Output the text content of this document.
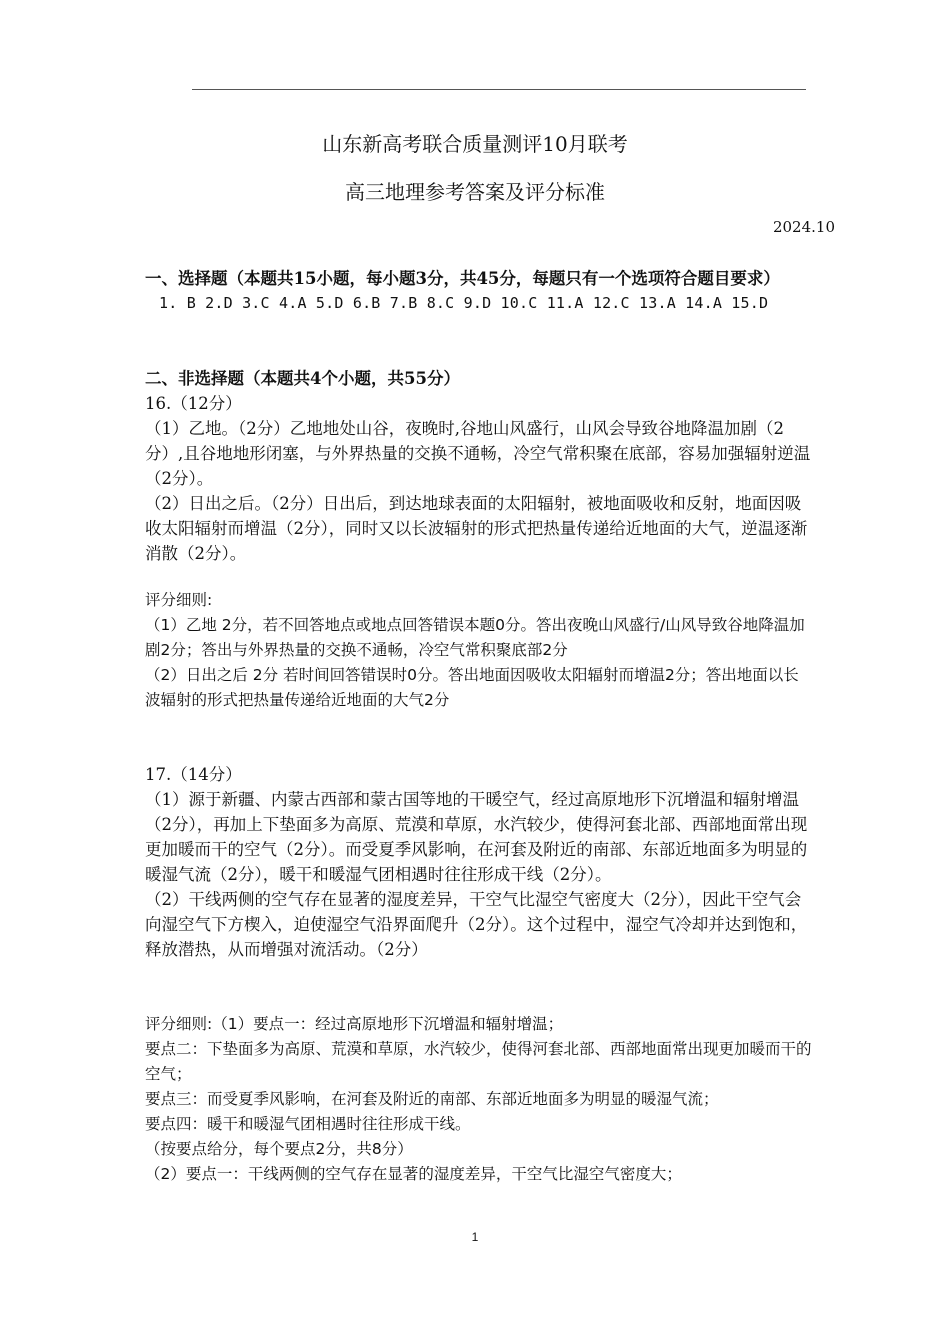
山东新高考联合质量测评10月联考
高三地理参考答案及评分标准
2024.10

一、选择题（本题共15小题，每小题3分，共45分，每题只有一个选项符合题目要求）

1. B 2.D 3.C 4.A 5.D 6.B 7.B 8.C 9.D 10.C 11.A 12.C 13.A 14.A 15.D

二、非选择题（本题共4个小题，共55分）

16.（12分）

（1）乙地。（2分）乙地地处山谷，夜晚时,谷地山风盛行，山风会导致谷地降温加剧（2分）,且谷地地形闭塞，与外界热量的交换不通畅，冷空气常积聚在底部，容易加强辐射逆温（2分）。

（2）日出之后。（2分）日出后，到达地球表面的太阳辐射，被地面吸收和反射，地面因吸收太阳辐射而增温（2分），同时又以长波辐射的形式把热量传递给近地面的大气，逆温逐渐消散（2分）。

评分细则:

（1）乙地 2分，若不回答地点或地点回答错误本题0分。答出夜晚山风盛行/山风导致谷地降温加剧2分；答出与外界热量的交换不通畅，冷空气常积聚底部2分

（2）日出之后 2分 若时间回答错误时0分。答出地面因吸收太阳辐射而增温2分；答出地面以长波辐射的形式把热量传递给近地面的大气2分

17.（14分）

（1）源于新疆、内蒙古西部和蒙古国等地的干暖空气，经过高原地形下沉增温和辐射增温（2分），再加上下垫面多为高原、荒漠和草原，水汽较少，使得河套北部、西部地面常出现更加暖而干的空气（2分）。而受夏季风影响，在河套及附近的南部、东部近地面多为明显的暖湿气流（2分），暖干和暖湿气团相遇时往往形成干线（2分）。

（2）干线两侧的空气存在显著的湿度差异，干空气比湿空气密度大（2分），因此干空气会向湿空气下方楔入，迫使湿空气沿界面爬升（2分）。这个过程中，湿空气冷却并达到饱和，释放潜热，从而增强对流活动。（2分）

评分细则:（1）要点一：经过高原地形下沉增温和辐射增温；

要点二：下垫面多为高原、荒漠和草原，水汽较少，使得河套北部、西部地面常出现更加暖而干的空气；

要点三：而受夏季风影响，在河套及附近的南部、东部近地面多为明显的暖湿气流；

要点四：暖干和暖湿气团相遇时往往形成干线。

（按要点给分，每个要点2分，共8分）

（2）要点一：干线两侧的空气存在显著的湿度差异，干空气比湿空气密度大；

1
